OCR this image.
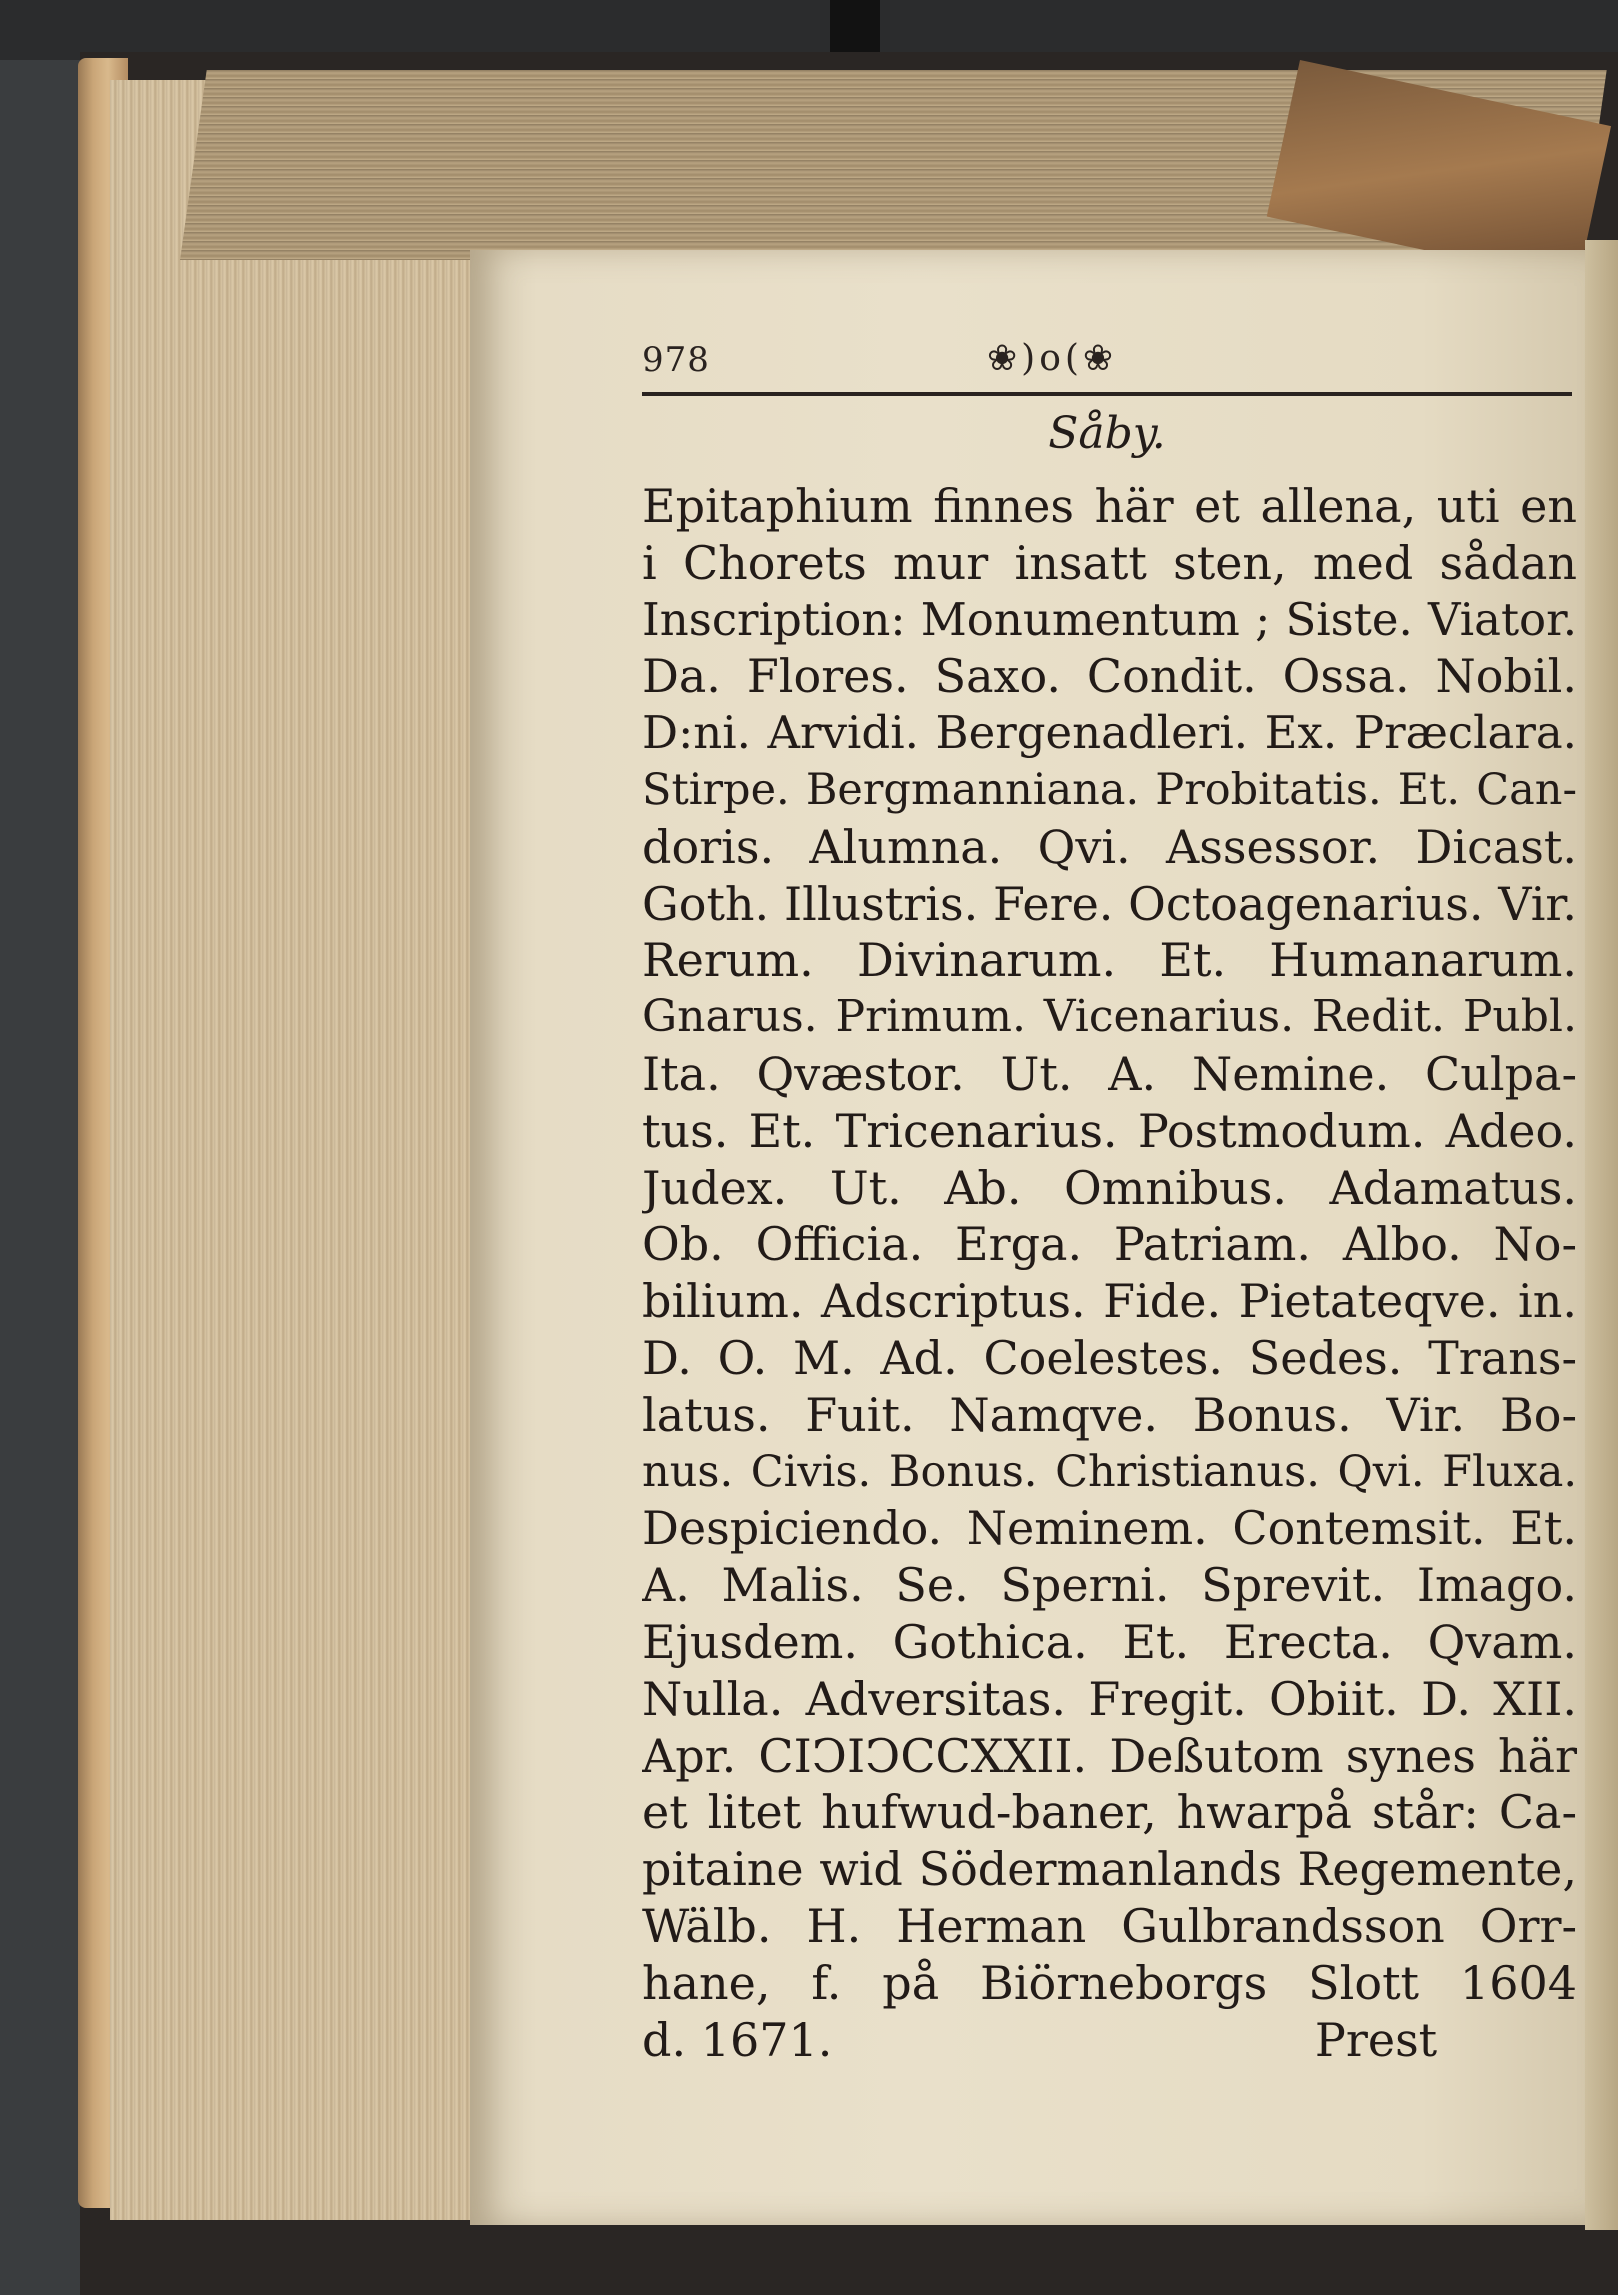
978	❀)o(❀
Såby.
Epitaphium finnes här et allena, uti en
i Chorets mur insatt sten, med sådan
Inscription: Monumentum ; Siste. Viator.
Da. Flores. Saxo. Condit. Ossa. Nobil.
D:ni. Arvidi. Bergenadleri. Ex. Præclara.
Stirpe. Bergmanniana. Probitatis. Et. Can-
doris. Alumna. Qvi. Assessor. Dicast.
Goth. Illustris. Fere. Octoagenarius. Vir.
Rerum. Divinarum. Et. Humanarum.
Gnarus. Primum. Vicenarius. Redit. Publ.
Ita. Qvæstor. Ut. A. Nemine. Culpa-
tus. Et. Tricenarius. Postmodum. Adeo.
Judex. Ut. Ab. Omnibus. Adamatus.
Ob. Officia. Erga. Patriam. Albo. No-
bilium. Adscriptus. Fide. Pietateqve. in.
D. O. M. Ad. Coelestes. Sedes. Trans-
latus. Fuit. Namqve. Bonus. Vir. Bo-
nus. Civis. Bonus. Christianus. Qvi. Fluxa.
Despiciendo. Neminem. Contemsit. Et.
A. Malis. Se. Sperni. Sprevit. Imago.
Ejusdem. Gothica. Et. Erecta. Qvam.
Nulla. Adversitas. Fregit. Obiit. D. XII.
Apr. CIↃIↃCCXXII. Deßutom synes här
et litet hufwud-baner, hwarpå står: Ca-
pitaine wid Södermanlands Regemente,
Wälb. H. Herman Gulbrandsson Orr-
hane, f. på Biörneborgs Slott 1604
d. 1671.                                 Prest
